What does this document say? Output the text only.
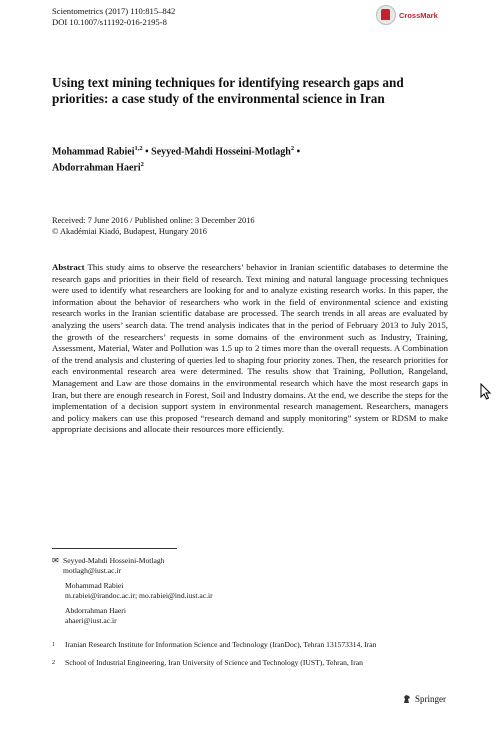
Scientometrics (2017) 110:815–842
DOI 10.1007/s11192-016-2195-8
CrossMark
Using text mining techniques for identifying research gaps and priorities: a case study of the environmental science in Iran
Mohammad Rabiei$^{1,2}$ • Seyyed-Mahdi Hosseini-Motlagh$^2$ •
Abdorrahman Haeri$^2$
Received: 7 June 2016 / Published online: 3 December 2016
© Akadémiai Kiadó, Budapest, Hungary 2016
Abstract This study aims to observe the researchers’ behavior in Iranian scientific databases to determine the research gaps and priorities in their field of research. Text mining and natural language processing techniques were used to identify what researchers are looking for and to analyze existing research works. In this paper, the information about the behavior of researchers who work in the field of environmental science and existing research works in the Iranian scientific database are processed. The search trends in all areas are evaluated by analyzing the users’ search data. The trend analysis indicates that in the period of February 2013 to July 2015, the growth of the researchers’ requests in some domains of the environment such as Industry, Training, Assessment, Material, Water and Pollution was 1.5 up to 2 times more than the overall requests. A Combination of the trend analysis and clustering of queries led to shaping four priority zones. Then, the research priorities for each environmental research area were determined. The results show that Training, Pollution, Rangeland, Management and Law are those domains in the environmental research which have the most research gaps in Iran, but there are enough research in Forest, Soil and Industry domains. At the end, we describe the steps for the implementation of a decision support system in environmental research management. Researchers, managers and policy makers can use this proposed “research demand and supply monitoring” system or RDSM to make appropriate decisions and allocate their resources more efficiently.
✉ Seyyed-Mahdi Hosseini-Motlagh
motlagh@iust.ac.ir
Mohammad Rabiei
m.rabiei@irandoc.ac.ir; mo.rabiei@ind.iust.ac.ir
Abdorrahman Haeri
ahaeri@iust.ac.ir
1	Iranian Research Institute for Information Science and Technology (IranDoc), Tehran 131573314, Iran
2	School of Industrial Engineering, Iran University of Science and Technology (IUST), Tehran, Iran
Springer
